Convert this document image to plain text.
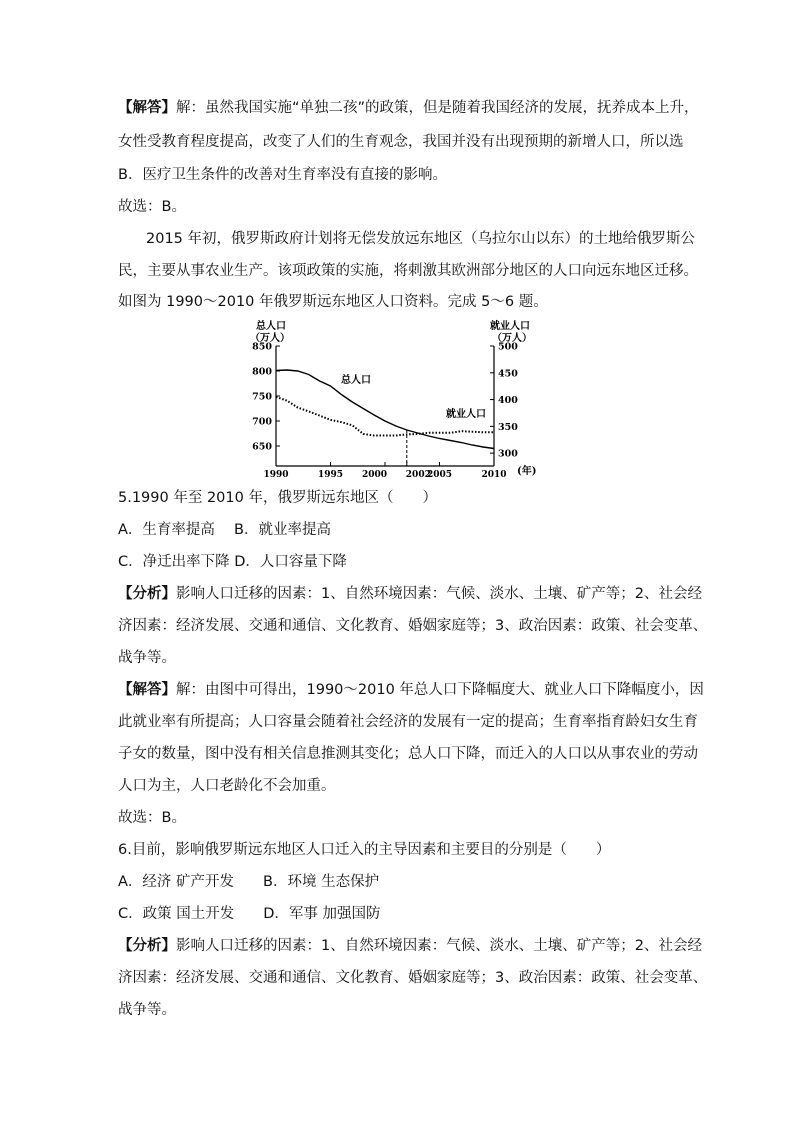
【解答】解：虽然我国实施“单独二孩”的政策，但是随着我国经济的发展，抚养成本上升，
女性受教育程度提高，改变了人们的生育观念，我国并没有出现预期的新增人口，所以选
B．医疗卫生条件的改善对生育率没有直接的影响。
故选：B。
2015 年初，俄罗斯政府计划将无偿发放远东地区（乌拉尔山以东）的土地给俄罗斯公
民，主要从事农业生产。该项政策的实施，将刺激其欧洲部分地区的人口向远东地区迁移。
如图为 1990～2010 年俄罗斯远东地区人口资料。完成 5～6 题。
650
700
750
800
850
300
350
400
450
500
1990	1995 2000 2002
2005	2010
总人口
（万人）
就业人口
（万人）
(年)
总人口
就业人口
5.1990 年至 2010 年，俄罗斯远东地区（　　）
A．生育率提高　 B．就业率提高
C．净迁出率下降 D．人口容量下降
【分析】影响人口迁移的因素：1、自然环境因素：气候、淡水、土壤、矿产等；2、社会经
济因素：经济发展、交通和通信、文化教育、婚姻家庭等；3、政治因素：政策、社会变革、
战争等。
【解答】解：由图中可得出，1990～2010 年总人口下降幅度大、就业人口下降幅度小，因
此就业率有所提高；人口容量会随着社会经济的发展有一定的提高；生育率指育龄妇女生育
子女的数量，图中没有相关信息推测其变化；总人口下降，而迁入的人口以从事农业的劳动
人口为主，人口老龄化不会加重。
故选：B。
6.目前，影响俄罗斯远东地区人口迁入的主导因素和主要目的分别是（　　）
A．经济 矿产开发　　B．环境 生态保护
C．政策 国土开发　　D．军事 加强国防
【分析】影响人口迁移的因素：1、自然环境因素：气候、淡水、土壤、矿产等；2、社会经
济因素：经济发展、交通和通信、文化教育、婚姻家庭等；3、政治因素：政策、社会变革、
战争等。
